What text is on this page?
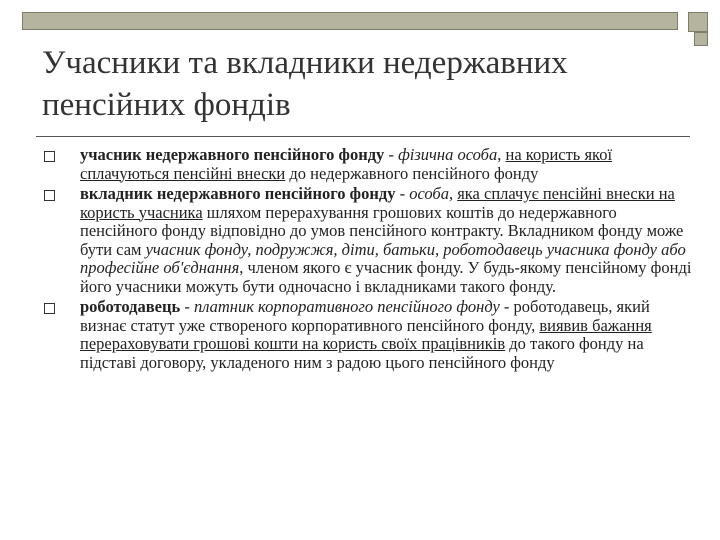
Учасники та вкладники недержавних пенсійних фондів
учасник недержавного пенсійного фонду - фізична особа, на користь якої сплачуються пенсійні внески до недержавного пенсійного фонду
вкладник недержавного пенсійного фонду - особа, яка сплачує пенсійні внески на користь учасника шляхом перерахування грошових коштів до недержавного пенсійного фонду відповідно до умов пенсійного контракту. Вкладником фонду може бути сам учасник фонду, подружжя, діти, батьки, роботодавець учасника фонду або професійне об'єднання, членом якого є учасник фонду. У будь-якому пенсійному фонді його учасники можуть бути одночасно і вкладниками такого фонду.
роботодавець - платник корпоративного пенсійного фонду - роботодавець, який визнає статут уже створеного корпоративного пенсійного фонду, виявив бажання перераховувати грошові кошти на користь своїх працівників до такого фонду на підставі договору, укладеного ним з радою цього пенсійного фонду
